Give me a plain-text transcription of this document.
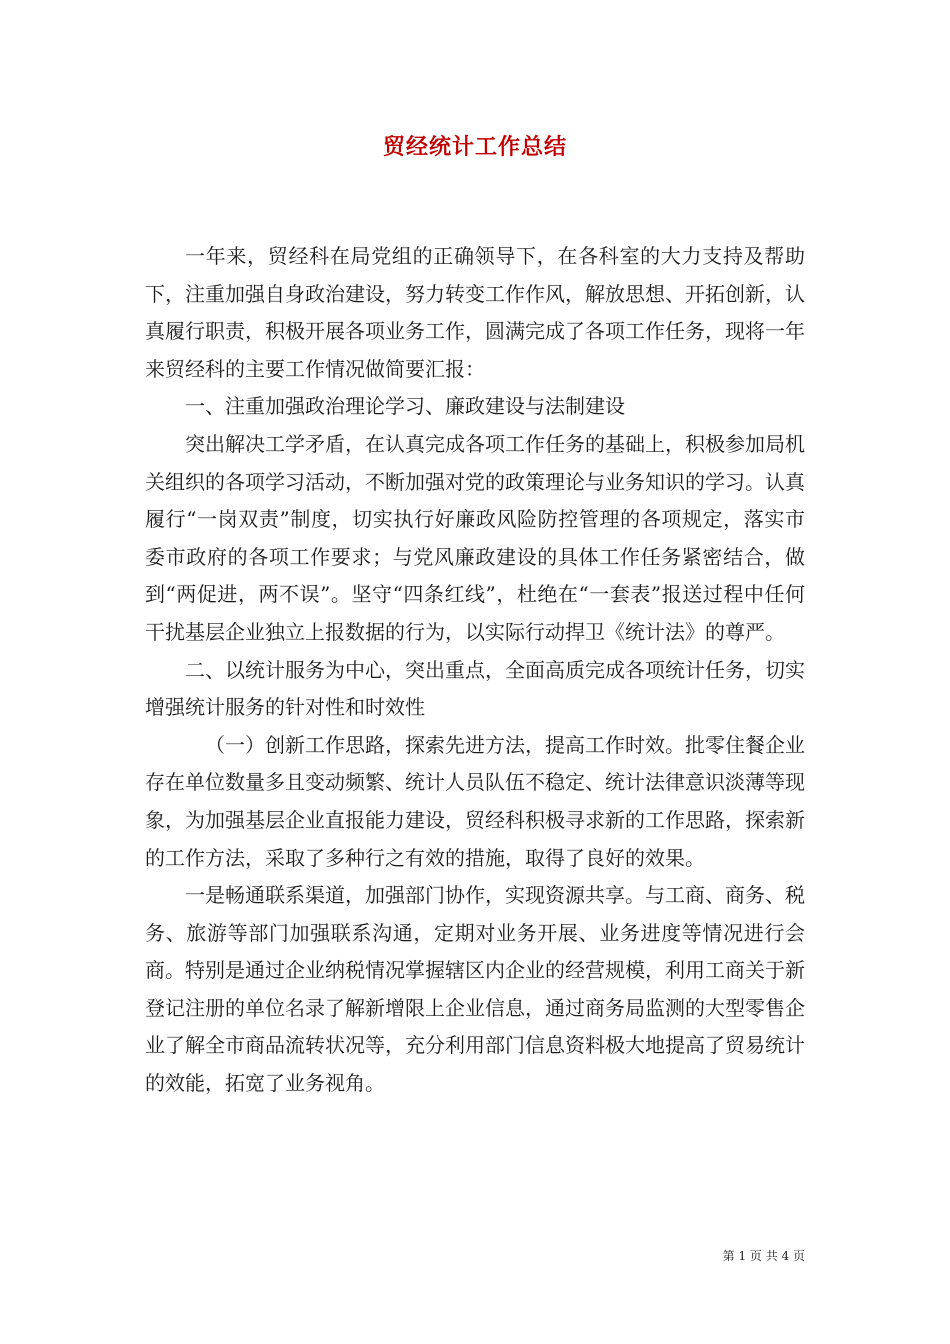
贸经统计工作总结

一年来，贸经科在局党组的正确领导下，在各科室的大力支持及帮助下，注重加强自身政治建设，努力转变工作作风，解放思想、开拓创新，认真履行职责，积极开展各项业务工作，圆满完成了各项工作任务，现将一年来贸经科的主要工作情况做简要汇报：

一、注重加强政治理论学习、廉政建设与法制建设

突出解决工学矛盾，在认真完成各项工作任务的基础上，积极参加局机关组织的各项学习活动，不断加强对党的政策理论与业务知识的学习。认真履行“一岗双责”制度，切实执行好廉政风险防控管理的各项规定，落实市委市政府的各项工作要求；与党风廉政建设的具体工作任务紧密结合，做到“两促进，两不误”。坚守“四条红线”，杜绝在“一套表”报送过程中任何干扰基层企业独立上报数据的行为，以实际行动捍卫《统计法》的尊严。

二、以统计服务为中心，突出重点，全面高质完成各项统计任务，切实增强统计服务的针对性和时效性

（一）创新工作思路，探索先进方法，提高工作时效。批零住餐企业存在单位数量多且变动频繁、统计人员队伍不稳定、统计法律意识淡薄等现象，为加强基层企业直报能力建设，贸经科积极寻求新的工作思路，探索新的工作方法，采取了多种行之有效的措施，取得了良好的效果。

一是畅通联系渠道，加强部门协作，实现资源共享。与工商、商务、税务、旅游等部门加强联系沟通，定期对业务开展、业务进度等情况进行会商。特别是通过企业纳税情况掌握辖区内企业的经营规模，利用工商关于新登记注册的单位名录了解新增限上企业信息，通过商务局监测的大型零售企业了解全市商品流转状况等，充分利用部门信息资料极大地提高了贸易统计的效能，拓宽了业务视角。

第 1 页 共 4 页
